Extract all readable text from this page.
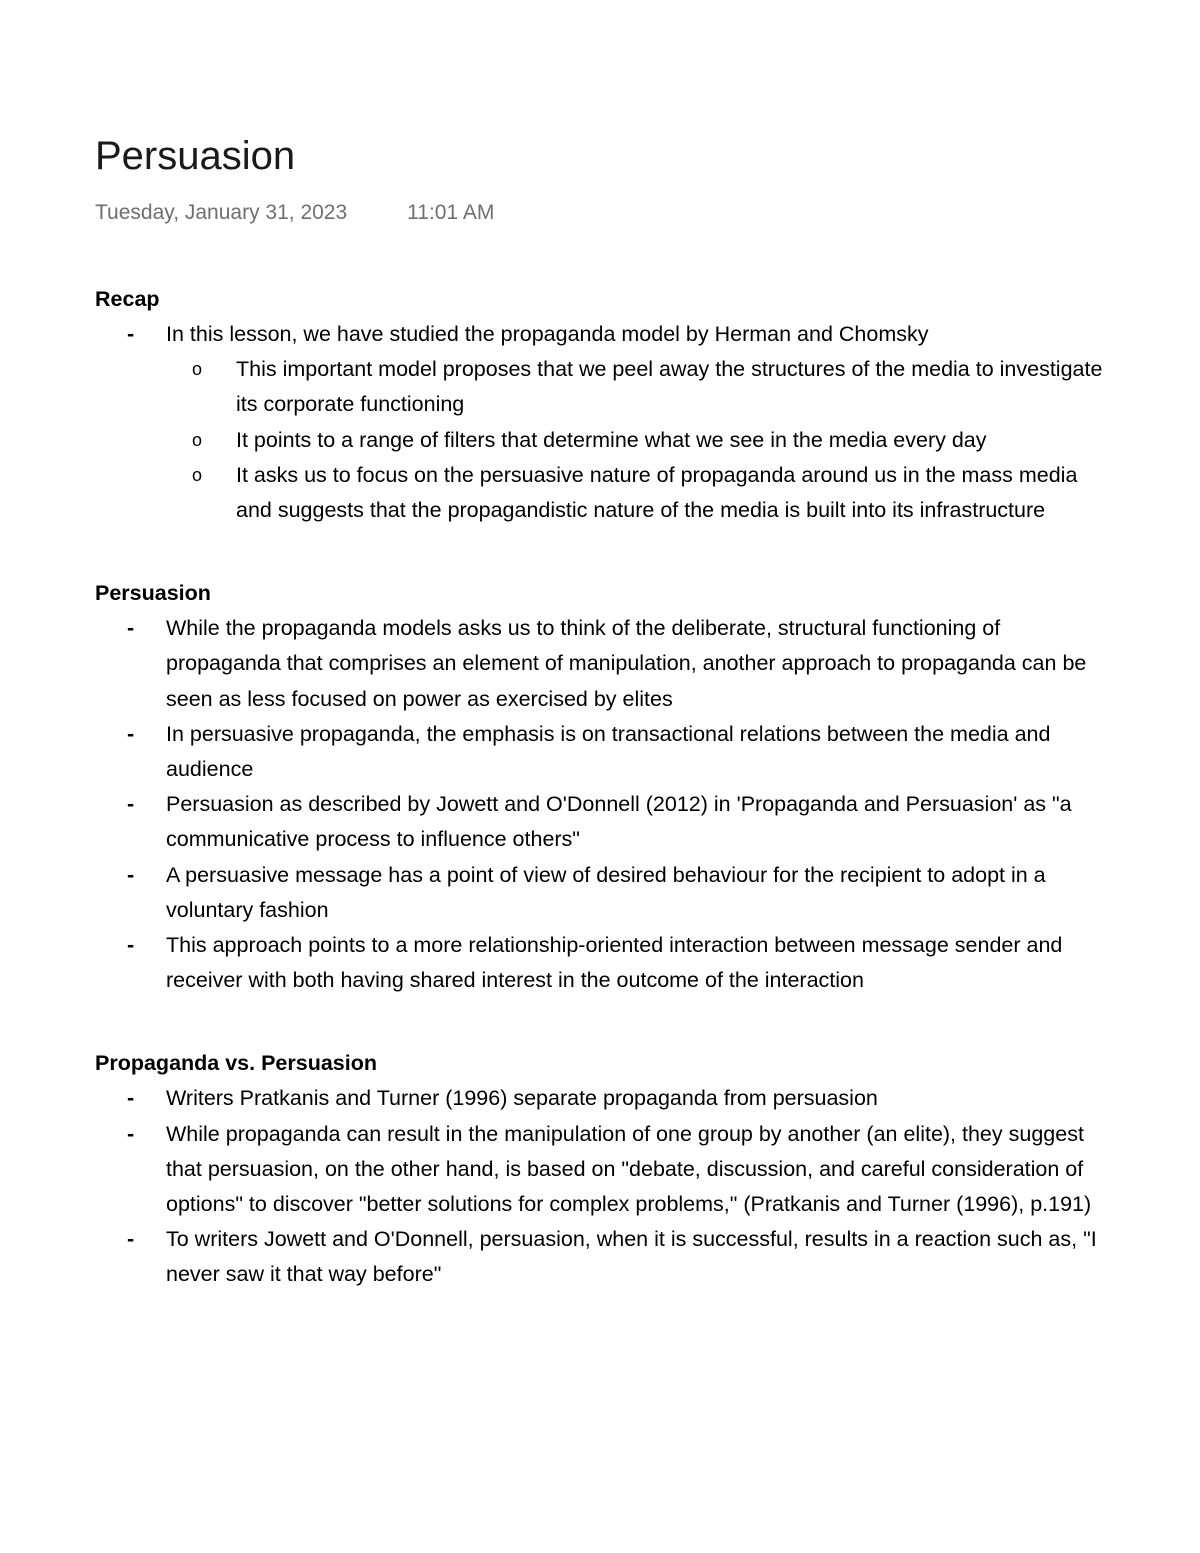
Persuasion
Tuesday, January 31, 2023	11:01 AM
Recap
- In this lesson, we have studied the propaganda model by Herman and Chomsky
o This important model proposes that we peel away the structures of the media to investigate its corporate functioning
o It points to a range of filters that determine what we see in the media every day
o It asks us to focus on the persuasive nature of propaganda around us in the mass media and suggests that the propagandistic nature of the media is built into its infrastructure
Persuasion
- While the propaganda models asks us to think of the deliberate, structural functioning of propaganda that comprises an element of manipulation, another approach to propaganda can be seen as less focused on power as exercised by elites
- In persuasive propaganda, the emphasis is on transactional relations between the media and audience
- Persuasion as described by Jowett and O'Donnell (2012) in 'Propaganda and Persuasion' as "a communicative process to influence others"
- A persuasive message has a point of view of desired behaviour for the recipient to adopt in a voluntary fashion
- This approach points to a more relationship-oriented interaction between message sender and receiver with both having shared interest in the outcome of the interaction
Propaganda vs. Persuasion
- Writers Pratkanis and Turner (1996) separate propaganda from persuasion
- While propaganda can result in the manipulation of one group by another (an elite), they suggest that persuasion, on the other hand, is based on "debate, discussion, and careful consideration of options" to discover "better solutions for complex problems," (Pratkanis and Turner (1996), p.191)
- To writers Jowett and O'Donnell, persuasion, when it is successful, results in a reaction such as, "I never saw it that way before"
